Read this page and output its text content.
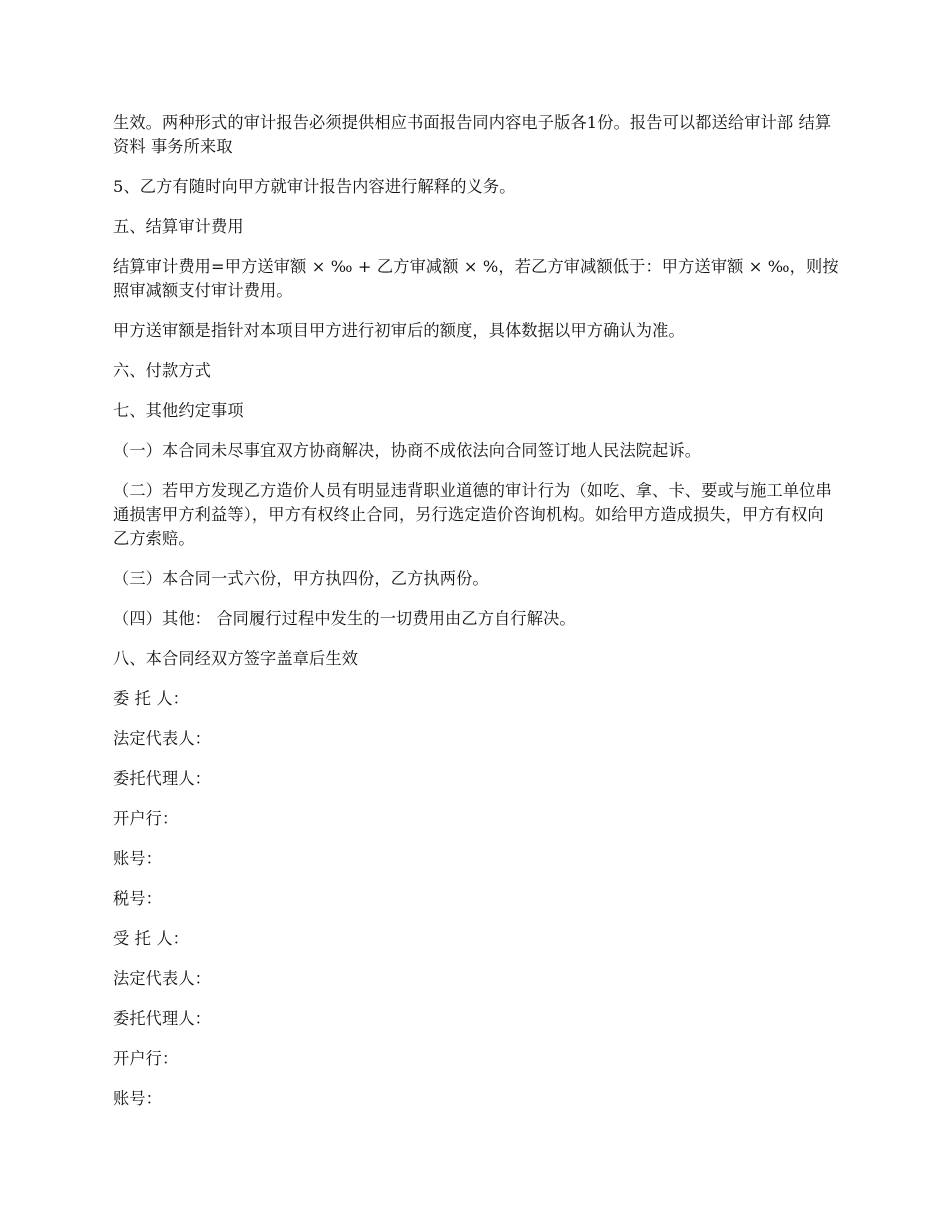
生效。两种形式的审计报告必须提供相应书面报告同内容电子版各1份。报告可以都送给审计部 结算资料 事务所来取

5、乙方有随时向甲方就审计报告内容进行解释的义务。

五、结算审计费用

结算审计费用=甲方送审额 × ‰ + 乙方审减额 × %，若乙方审减额低于：甲方送审额 × ‰，则按照审减额支付审计费用。

甲方送审额是指针对本项目甲方进行初审后的额度，具体数据以甲方确认为准。

六、付款方式

七、其他约定事项

（一）本合同未尽事宜双方协商解决，协商不成依法向合同签订地人民法院起诉。

（二）若甲方发现乙方造价人员有明显违背职业道德的审计行为（如吃、拿、卡、要或与施工单位串通损害甲方利益等），甲方有权终止合同，另行选定造价咨询机构。如给甲方造成损失，甲方有权向乙方索赔。

（三）本合同一式六份，甲方执四份，乙方执两份。

（四）其他： 合同履行过程中发生的一切费用由乙方自行解决。

八、本合同经双方签字盖章后生效

委 托 人：

法定代表人：

委托代理人：

开户行：

账号：

税号：

受 托 人：

法定代表人：

委托代理人：

开户行：

账号：
